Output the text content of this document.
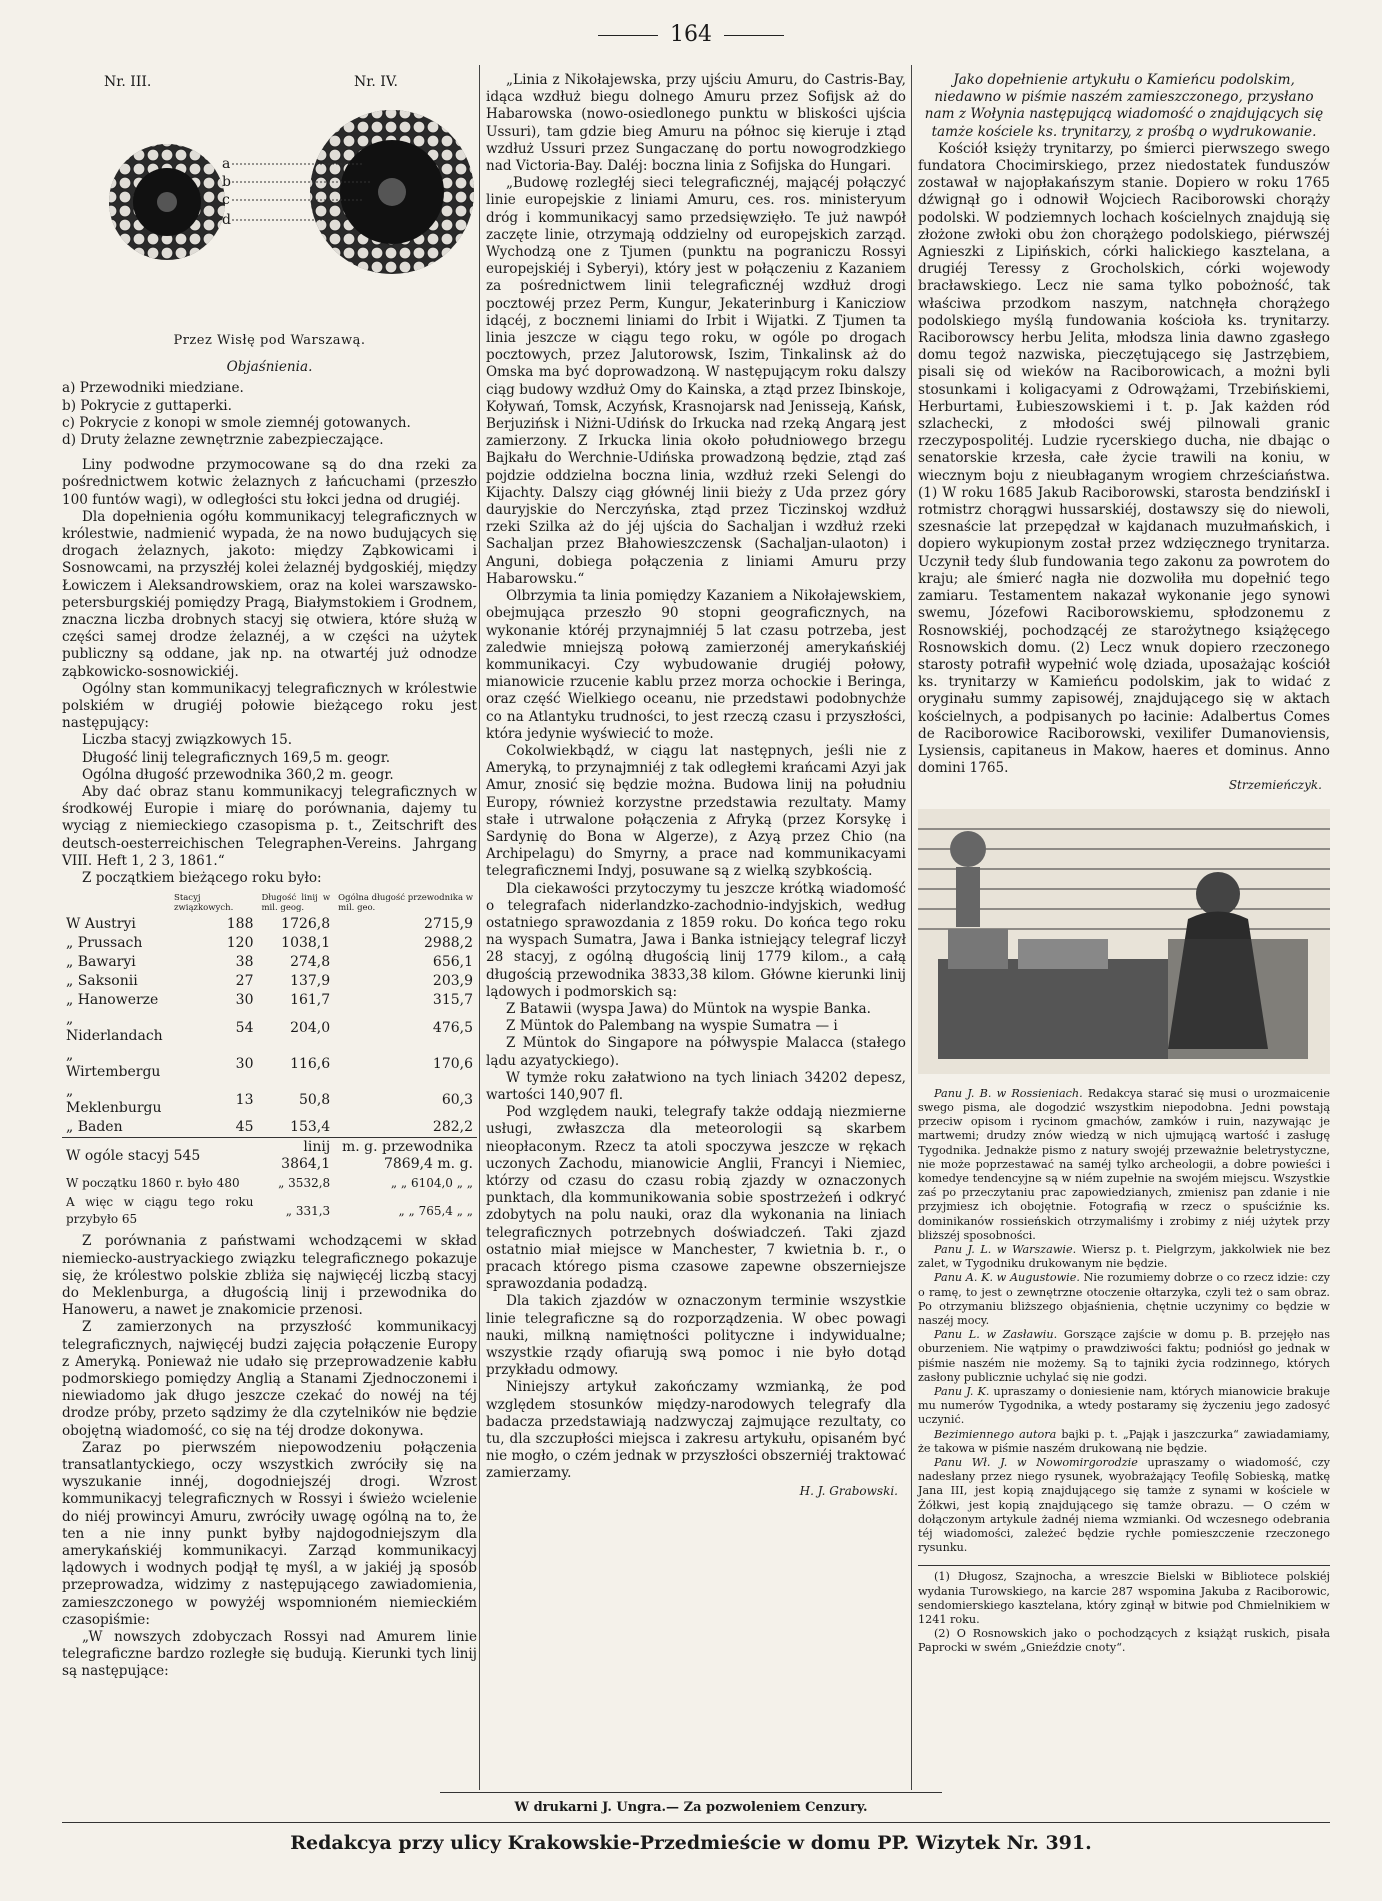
164
Nr. III.	Nr. IV.
a
b
c
d
Przez Wisłę pod Warszawą.
Objaśnienia.

a) Przewodniki miedziane.

b) Pokrycie z guttaperki.

c) Pokrycie z konopi w smole ziemnéj gotowanych.

d) Druty żelazne zewnętrznie zabezpieczające.

Liny podwodne przymocowane są do dna rzeki za pośrednictwem kotwic żelaznych z łańcuchami (przeszło 100 funtów wagi), w odległości stu łokci jedna od drugiéj.

Dla dopełnienia ogółu kommunikacyj telegraficznych w królestwie, nadmienić wypada, że na nowo budujących się drogach żelaznych, jakoto: między Ząbkowicami i Sosnowcami, na przyszłéj kolei żelaznéj bydgoskiéj, między Łowiczem i Aleksandrowskiem, oraz na kolei warszawsko-petersburgskiéj pomiędzy Pragą, Białymstokiem i Grodnem, znaczna liczba drobnych stacyj się otwiera, które służą w części samej drodze żelaznéj, a w części na użytek publiczny są oddane, jak np. na otwartéj już odnodze ząbkowicko-sosnowickiéj.

Ogólny stan kommunikacyj telegraficznych w królestwie polskiém w drugiéj połowie bieżącego roku jest następujący:

Liczba stacyj związkowych 15.

Długość linij telegraficznych 169,5 m. geogr.

Ogólna długość przewodnika 360,2 m. geogr.

Aby dać obraz stanu kommunikacyj telegraficznych w środkowéj Europie i miarę do porównania, dajemy tu wyciąg z niemieckiego czasopisma p. t., Zeitschrift des deutsch-oesterreichischen Telegraphen-Vereins. Jahrgang VIII. Heft 1, 2 3, 1861.“

Z początkiem bieżącego roku było:

	Stacyj związkowych.	Długość linij w mil. geog.	Ogólna długość przewodnika w mil. geo.
W Austryi	188	1726,8	2715,9
„ Prussach	120	1038,1	2988,2
„ Bawaryi	38	274,8	656,1
„ Saksonii	27	137,9	203,9
„ Hanowerze	30	161,7	315,7
„ Niderlandach	54	204,0	476,5
„ Wirtembergu	30	116,6	170,6
„ Meklenburgu	13	50,8	60,3
„ Baden	45	153,4	282,2
W ogóle stacyj 545		linij 3864,1	m. g. przewodnika 7869,4 m. g.
W początku 1860 r. było 480		„ 3532,8	„ „ 6104,0 „ „
A więc w ciągu tego roku przybyło 65		„ 331,3	„ „ 765,4 „ „

Z porównania z państwami wchodzącemi w skład niemiecko-austryackiego związku telegraficznego pokazuje się, że królestwo polskie zbliża się najwięcéj liczbą stacyj do Meklenburga, a długością linij i przewodnika do Hanoweru, a nawet je znakomicie przenosi.

Z zamierzonych na przyszłość kommunikacyj telegraficznych, najwięcéj budzi zajęcia połączenie Europy z Ameryką. Ponieważ nie udało się przeprowadzenie kabłu podmorskiego pomiędzy Anglią a Stanami Zjednoczonemi i niewiadomo jak długo jeszcze czekać do nowéj na téj drodze próby, przeto sądzimy że dla czytelników nie będzie obojętną wiadomość, co się na téj drodze dokonywa.

Zaraz po pierwszém niepowodzeniu połączenia transatlantyckiego, oczy wszystkich zwróciły się na wyszukanie innéj, dogodniejszéj drogi. Wzrost kommunikacyj telegraficznych w Rossyi i świeżo wcielenie do niéj prowincyi Amuru, zwróciły uwagę ogólną na to, że ten a nie inny punkt byłby najdogodniejszym dla amerykańskiéj kommunikacyi. Zarząd kommunikacyj lądowych i wodnych podjął tę myśl, a w jakiéj ją sposób przeprowadza, widzimy z następującego zawiadomienia, zamieszczonego w powyżéj wspomnioném niemieckiém czasopiśmie:

„W nowszych zdobyczach Rossyi nad Amurem linie telegraficzne bardzo rozległe się budują. Kierunki tych linij są następujące:

„Linia z Nikołajewska, przy ujściu Amuru, do Castris-Bay, idąca wzdłuż biegu dolnego Amuru przez Sofijsk aż do Habarowska (nowo-osiedlonego punktu w bliskości ujścia Ussuri), tam gdzie bieg Amuru na północ się kieruje i ztąd wzdłuż Ussuri przez Sungaczanę do portu nowogrodzkiego nad Victoria-Bay. Daléj: boczna linia z Sofijska do Hungari.

„Budowę rozległéj sieci telegraficznéj, mającéj połączyć linie europejskie z liniami Amuru, ces. ros. ministeryum dróg i kommunikacyj samo przedsięwzięło. Te już nawpół zaczęte linie, otrzymają oddzielny od europejskich zarząd. Wychodzą one z Tjumen (punktu na pograniczu Rossyi europejskiéj i Syberyi), który jest w połączeniu z Kazaniem za pośrednictwem linii telegraficznéj wzdłuż drogi pocztowéj przez Perm, Kungur, Jekaterinburg i Kanicziow idącéj, z bocznemi liniami do Irbit i Wijatki. Z Tjumen ta linia jeszcze w ciągu tego roku, w ogóle po drogach pocztowych, przez Jalutorowsk, Iszim, Tinkalinsk aż do Omska ma być doprowadzoną. W następującym roku dalszy ciąg budowy wzdłuż Omy do Kainska, a ztąd przez Ibinskoje, Koływań, Tomsk, Aczyńsk, Krasnojarsk nad Jenisseją, Kańsk, Berjuzińsk i Niżni-Udińsk do Irkucka nad rzeką Angarą jest zamierzony. Z Irkucka linia około południowego brzegu Bajkału do Werchnie-Udińska prowadzoną będzie, ztąd zaś pojdzie oddzielna boczna linia, wzdłuż rzeki Selengi do Kijachty. Dalszy ciąg głównéj linii bieży z Uda przez góry dauryjskie do Nerczyńska, ztąd przez Ticzinskoj wzdłuż rzeki Szilka aż do jéj ujścia do Sachaljan i wzdłuż rzeki Sachaljan przez Błahowieszczensk (Sachaljan-ulaoton) i Anguni, dobiega połączenia z liniami Amuru przy Habarowsku.“

Olbrzymia ta linia pomiędzy Kazaniem a Nikołajewskiem, obejmująca przeszło 90 stopni geograficznych, na wykonanie któréj przynajmniéj 5 lat czasu potrzeba, jest zaledwie mniejszą połową zamierzonéj amerykańskiéj kommunikacyi. Czy wybudowanie drugiéj połowy, mianowicie rzucenie kablu przez morza ochockie i Beringa, oraz część Wielkiego oceanu, nie przedstawi podobnychże co na Atlantyku trudności, to jest rzeczą czasu i przyszłości, która jedynie wyświecić to może.

Cokolwiekbądź, w ciągu lat następnych, jeśli nie z Ameryką, to przynajmniéj z tak odległemi krańcami Azyi jak Amur, znosić się będzie można. Budowa linij na południu Europy, również korzystne przedstawia rezultaty. Mamy stałe i utrwalone połączenia z Afryką (przez Korsykę i Sardynię do Bona w Algerze), z Azyą przez Chio (na Archipelagu) do Smyrny, a prace nad kommunikacyami telegraficznemi Indyj, posuwane są z wielką szybkością.

Dla ciekawości przytoczymy tu jeszcze krótką wiadomość o telegrafach niderlandzko-zachodnio-indyjskich, według ostatniego sprawozdania z 1859 roku. Do końca tego roku na wyspach Sumatra, Jawa i Banka istniejący telegraf liczył 28 stacyj, z ogólną długością linij 1779 kilom., a całą długością przewodnika 3833,38 kilom. Główne kierunki linij lądowych i podmorskich są:

Z Batawii (wyspa Jawa) do Müntok na wyspie Banka.

Z Müntok do Palembang na wyspie Sumatra — i

Z Müntok do Singapore na półwyspie Malacca (stałego lądu azyatyckiego).

W tymże roku załatwiono na tych liniach 34202 depesz, wartości 140,907 fl.

Pod względem nauki, telegrafy także oddają niezmierne usługi, zwłaszcza dla meteorologii są skarbem nieopłaconym. Rzecz ta atoli spoczywa jeszcze w rękach uczonych Zachodu, mianowicie Anglii, Francyi i Niemiec, którzy od czasu do czasu robią zjazdy w oznaczonych punktach, dla kommunikowania sobie spostrzeżeń i odkryć zdobytych na polu nauki, oraz dla wykonania na liniach telegraficznych potrzebnych doświadczeń. Taki zjazd ostatnio miał miejsce w Manchester, 7 kwietnia b. r., o pracach którego pisma czasowe zapewne obszerniejsze sprawozdania podadzą.

Dla takich zjazdów w oznaczonym terminie wszystkie linie telegraficzne są do rozporządzenia. W obec powagi nauki, milkną namiętności polityczne i indywidualne; wszystkie rządy ofiarują swą pomoc i nie było dotąd przykładu odmowy.

Niniejszy artykuł zakończamy wzmianką, że pod względem stosunków między-narodowych telegrafy dla badacza przedstawiają nadzwyczaj zajmujące rezultaty, co tu, dla szczupłości miejsca i zakresu artykułu, opisaném być nie mogło, o czém jednak w przyszłości obszerniéj traktować zamierzamy.

H. J. Grabowski.
Jako dopełnienie artykułu o Kamieńcu podolskim, niedawno w piśmie naszém zamieszczonego, przysłano nam z Wołynia następującą wiadomość o znajdujących się tamże kościele ks. trynitarzy, z prośbą o wydrukowanie.

Kościół księży trynitarzy, po śmierci pierwszego swego fundatora Chocimirskiego, przez niedostatek funduszów zostawał w najopłakańszym stanie. Dopiero w roku 1765 dźwignął go i odnowił Wojciech Raciborowski chorąży podolski. W podziemnych lochach kościelnych znajdują się złożone zwłoki obu żon chorążego podolskiego, piérwszéj Agnieszki z Lipińskich, córki halickiego kasztelana, a drugiéj Teressy z Grocholskich, córki wojewody bracławskiego. Lecz nie sama tylko pobożność, tak właściwa przodkom naszym, natchnęła chorążego podolskiego myślą fundowania kościoła ks. trynitarzy. Raciborowscy herbu Jelita, młodsza linia dawno zgasłego domu tegoż nazwiska, pieczętującego się Jastrzębiem, pisali się od wieków na Raciborowicach, a możni byli stosunkami i koligacyami z Odrowążami, Trzebińskiemi, Herburtami, Łubieszowskiemi i t. p. Jak każden ród szlachecki, z młodości swéj pilnowali granic rzeczypospolitéj. Ludzie rycerskiego ducha, nie dbając o senatorskie krzesła, całe życie trawili na koniu, w wiecznym boju z nieubłaganym wrogiem chrześciaństwa. (1) W roku 1685 Jakub Raciborowski, starosta bendzińskI i rotmistrz chorągwi hussarskiéj, dostawszy się do niewoli, szesnaście lat przepędzał w kajdanach muzułmańskich, i dopiero wykupionym został przez wdzięcznego trynitarza. Uczynił tedy ślub fundowania tego zakonu za powrotem do kraju; ale śmierć nagła nie dozwoliła mu dopełnić tego zamiaru. Testamentem nakazał wykonanie jego synowi swemu, Józefowi Raciborowskiemu, spłodzonemu z Rosnowskiéj, pochodzącéj ze starożytnego książęcego Rosnowskich domu. (2) Lecz wnuk dopiero rzeczonego starosty potrafił wypełnić wolę dziada, uposażając kościół ks. trynitarzy w Kamieńcu podolskim, jak to widać z oryginału summy zapisowéj, znajdującego się w aktach kościelnych, a podpisanych po łacinie: Adalbertus Comes de Raciborowice Raciborowski, vexilifer Dumanoviensis, Lysiensis, capitaneus in Makow, haeres et dominus. Anno domini 1765.

Strzemieńczyk.

Panu J. B. w Rossieniach. Redakcya starać się musi o urozmaicenie swego pisma, ale dogodzić wszystkim niepodobna. Jedni powstają przeciw opisom i rycinom gmachów, zamków i ruin, nazywając je martwemi; drudzy znów wiedzą w nich ujmującą wartość i zasługę Tygodnika. Jednakże pismo z natury swojéj przeważnie beletrystyczne, nie może poprzestawać na saméj tylko archeologii, a dobre powieści i komedye tendencyjne są w niém zupełnie na swojém miejscu. Wszystkie zaś po przeczytaniu prac zapowiedzianych, zmienisz pan zdanie i nie przyjmiesz ich obojętnie. Fotografią w rzecz o spuściźnie ks. dominikanów rossieńskich otrzymaliśmy i zrobimy z niéj użytek przy bliższéj sposobności.

Panu J. L. w Warszawie. Wiersz p. t. Pielgrzym, jakkolwiek nie bez zalet, w Tygodniku drukowanym nie będzie.

Panu A. K. w Augustowie. Nie rozumiemy dobrze o co rzecz idzie: czy o ramę, to jest o zewnętrzne otoczenie ołtarzyka, czyli też o sam obraz. Po otrzymaniu bliższego objaśnienia, chętnie uczynimy co będzie w naszéj mocy.

Panu L. w Zasławiu. Gorszące zajście w domu p. B. przejęło nas oburzeniem. Nie wątpimy o prawdziwości faktu; podniósł go jednak w piśmie naszém nie możemy. Są to tajniki życia rodzinnego, których zasłony publicznie uchylać się nie godzi.

Panu J. K. upraszamy o doniesienie nam, których mianowicie brakuje mu numerów Tygodnika, a wtedy postaramy się życzeniu jego zadosyć uczynić.

Bezimiennego autora bajki p. t. „Pająk i jaszczurka“ zawiadamiamy, że takowa w piśmie naszém drukowaną nie będzie.

Panu Wł. J. w Nowomirgorodzie upraszamy o wiadomość, czy nadesłany przez niego rysunek, wyobrażający Teofilę Sobieską, matkę Jana III, jest kopią znajdującego się tamże z synami w kościele w Żółkwi, jest kopią znajdującego się tamże obrazu. — O czém w dołączonym artykule żadnéj niema wzmianki. Od wczesnego odebrania téj wiadomości, zależeć będzie rychłe pomieszczenie rzeczonego rysunku.

(1) Długosz, Szajnocha, a wreszcie Bielski w Bibliotece polskiéj wydania Turowskiego, na karcie 287 wspomina Jakuba z Raciborowic, sendomierskiego kasztelana, który zginął w bitwie pod Chmielnikiem w 1241 roku.

(2) O Rosnowskich jako o pochodzących z książąt ruskich, pisała Paprocki w swém „Gnieździe cnoty“.

W drukarni J. Ungra.— Za pozwoleniem Cenzury.
Redakcya przy ulicy Krakowskie-Przedmieście w domu PP. Wizytek Nr. 391.
